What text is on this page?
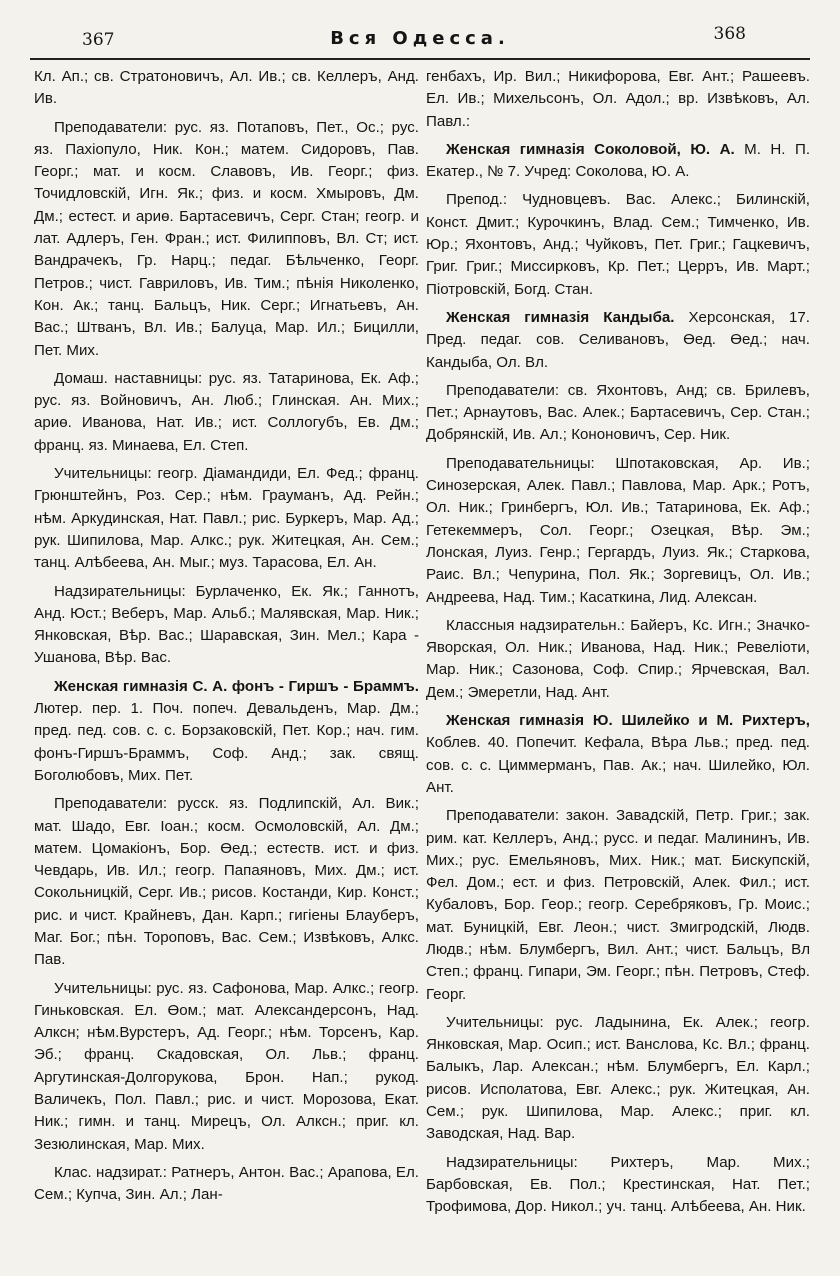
367	Вся Одесса.	368

Кл. Ап.; св. Стратоновичъ, Ал. Ив.; св. Келлеръ, Анд. Ив.

Преподаватели: рус. яз. Потаповъ, Пет., Ос.; рус. яз. Пахіопуло, Ник. Кон.; матем. Сидоровъ, Пав. Георг.; мат. и косм. Славовъ, Ив. Георг.; физ. Точидловскій, Игн. Як.; физ. и косм. Хмыровъ, Дм. Дм.; естест. и ариө. Бартасевичъ, Серг. Стан; геогр. и лат. Адлеръ, Ген. Фран.; ист. Филипповъ, Вл. Ст; ист. Вандрачекъ, Гр. Нарц.; педаг. Бѣльченко, Георг. Петров.; чист. Гавриловъ, Ив. Тим.; пѣнія Николенко, Кон. Ак.; танц. Бальцъ, Ник. Серг.; Игнатьевъ, Ан. Вас.; Штванъ, Вл. Ив.; Балуца, Мар. Ил.; Бицилли, Пет. Мих.

Домаш. наставницы: рус. яз. Татаринова, Ек. Аф.; рус. яз. Войновичъ, Ан. Люб.; Глинская. Ан. Мих.; ариө. Иванова, Нат. Ив.; ист. Соллогубъ, Ев. Дм.; франц. яз. Минаева, Ел. Степ.

Учительницы: геогр. Діамандиди, Ел. Фед.; франц. Грюнштейнъ, Роз. Сер.; нѣм. Грауманъ, Ад. Рейн.; нѣм. Аркудинская, Нат. Павл.; рис. Буркеръ, Мар. Ад.; рук. Шипилова, Мар. Алкс.; рук. Житецкая, Ан. Сем.; танц. Алѣбеева, Ан. Мыг.; муз. Тарасова, Ел. Ан.

Надзирательницы: Бурлаченко, Ек. Як.; Ганнотъ, Анд. Юст.; Веберъ, Мар. Альб.; Малявская, Мар. Ник.; Янковская, Вѣр. Вас.; Шаравская, Зин. Мел.; Кара - Ушанова, Вѣр. Вас.

Женская гимназія С. А. фонъ - Гиршъ - Браммъ. Лютер. пер. 1. Поч. попеч. Девальденъ, Мар. Дм.; пред. пед. сов. с. с. Борзаковскій, Пет. Кор.; нач. гим. фонъ-Гиршъ-Браммъ, Соф. Анд.; зак. свящ. Боголюбовъ, Мих. Пет.

Преподаватели: русск. яз. Подлипскій, Ал. Вик.; мат. Шадо, Евг. Іоан.; косм. Осмоловскій, Ал. Дм.; матем. Цомакіонъ, Бор. Өед.; естеств. ист. и физ. Чевдарь, Ив. Ил.; геогр. Папаяновъ, Мих. Дм.; ист. Сокольницкій, Серг. Ив.; рисов. Костанди, Кир. Конст.; рис. и чист. Крайневъ, Дан. Карп.; гигіены Блауберъ, Маг. Бог.; пѣн. Тороповъ, Вас. Сем.; Извѣковъ, Алкс. Пав.

Учительницы: рус. яз. Сафонова, Мар. Алкс.; геогр. Гиньковская. Ел. Өом.; мат. Александерсонъ, Над. Алксн; нѣм.Вурстеръ, Ад. Георг.; нѣм. Торсенъ, Кар. Эб.; франц. Скадовская, Ол. Льв.; франц. Аргутинская-Долгорукова, Брон. Нап.; рукод. Валичекъ, Пол. Павл.; рис. и чист. Морозова, Екат. Ник.; гимн. и танц. Мирецъ, Ол. Алксн.; приг. кл. Зезюлинская, Мар. Мих.

Клас. надзират.: Ратнеръ, Антон. Вас.; Арапова, Ел. Сем.; Купча, Зин. Ал.; Лан-

генбахъ, Ир. Вил.; Никифорова, Евг. Ант.; Рашеевъ. Ел. Ив.; Михельсонъ, Ол. Адол.; вр. Извѣковъ, Ал. Павл.:

Женская гимназія Соколовой, Ю. А. М. Н. П. Екатер., № 7. Учред: Соколова, Ю. А.

Препод.: Чудновцевъ. Вас. Алекс.; Билинскій, Конст. Дмит.; Курочкинъ, Влад. Сем.; Тимченко, Ив. Юр.; Яхонтовъ, Анд.; Чуйковъ, Пет. Григ.; Гацкевичъ, Григ. Григ.; Миссирковъ, Кр. Пет.; Церръ, Ив. Март.; Піотровскій, Богд. Стан.

Женская гимназія Кандыба. Херсонская, 17. Пред. педаг. сов. Селивановъ, Өед. Өед.; нач. Кандыба, Ол. Вл.

Преподаватели: св. Яхонтовъ, Анд; св. Брилевъ, Пет.; Арнаутовъ, Вас. Алек.; Бартасевичъ, Сер. Стан.; Добрянскій, Ив. Ал.; Кононовичъ, Сер. Ник.

Преподавательницы: Шпотаковская, Ар. Ив.; Синозерская, Алек. Павл.; Павлова, Мар. Арк.; Ротъ, Ол. Ник.; Гринбергъ, Юл. Ив.; Татаринова, Ек. Аф.; Гетекеммеръ, Сол. Георг.; Озецкая, Вѣр. Эм.; Лонская, Луиз. Генр.; Гергардъ, Луиз. Як.; Старкова, Раис. Вл.; Чепурина, Пол. Як.; Зоргевицъ, Ол. Ив.; Андреева, Над. Тим.; Касаткина, Лид. Алексан.

Классныя надзирательн.: Байеръ, Кс. Игн.; Значко-Яворская, Ол. Ник.; Иванова, Над. Ник.; Ревеліоти, Мар. Ник.; Сазонова, Соф. Спир.; Ярчевская, Вал. Дем.; Эмеретли, Над. Ант.

Женская гимназія Ю. Шилейко и М. Рихтеръ, Коблев. 40. Попечит. Кефала, Вѣра Льв.; пред. пед. сов. с. с. Циммерманъ, Пав. Ак.; нач. Шилейко, Юл. Ант.

Преподаватели: закон. Завадскій, Петр. Григ.; зак. рим. кат. Келлеръ, Анд.; русс. и педаг. Малининъ, Ив. Мих.; рус. Емельяновъ, Мих. Ник.; мат. Бискупскій, Фел. Дом.; ест. и физ. Петровскій, Алек. Фил.; ист. Кубаловъ, Бор. Геор.; геогр. Серебряковъ, Гр. Моис.; мат. Буницкій, Евг. Леон.; чист. Змигродскій, Людв. Людв.; нѣм. Блумбергъ, Вил. Ант.; чист. Бальцъ, Вл Степ.; франц. Гипари, Эм. Георг.; пѣн. Петровъ, Стеф. Георг.

Учительницы: рус. Ладынина, Ек. Алек.; геогр. Янковская, Мар. Осип.; ист. Ванслова, Кс. Вл.; франц. Балыкъ, Лар. Алексан.; нѣм. Блумбергъ, Ел. Карл.; рисов. Исполатова, Евг. Алекс.; рук. Житецкая, Ан. Сем.; рук. Шипилова, Мар. Алекс.; приг. кл. Заводская, Над. Вар.

Надзирательницы: Рихтеръ, Мар. Мих.; Барбовская, Ев. Пол.; Крестинская, Нат. Пет.; Трофимова, Дор. Никол.; уч. танц. Алѣбеева, Ан. Ник.
